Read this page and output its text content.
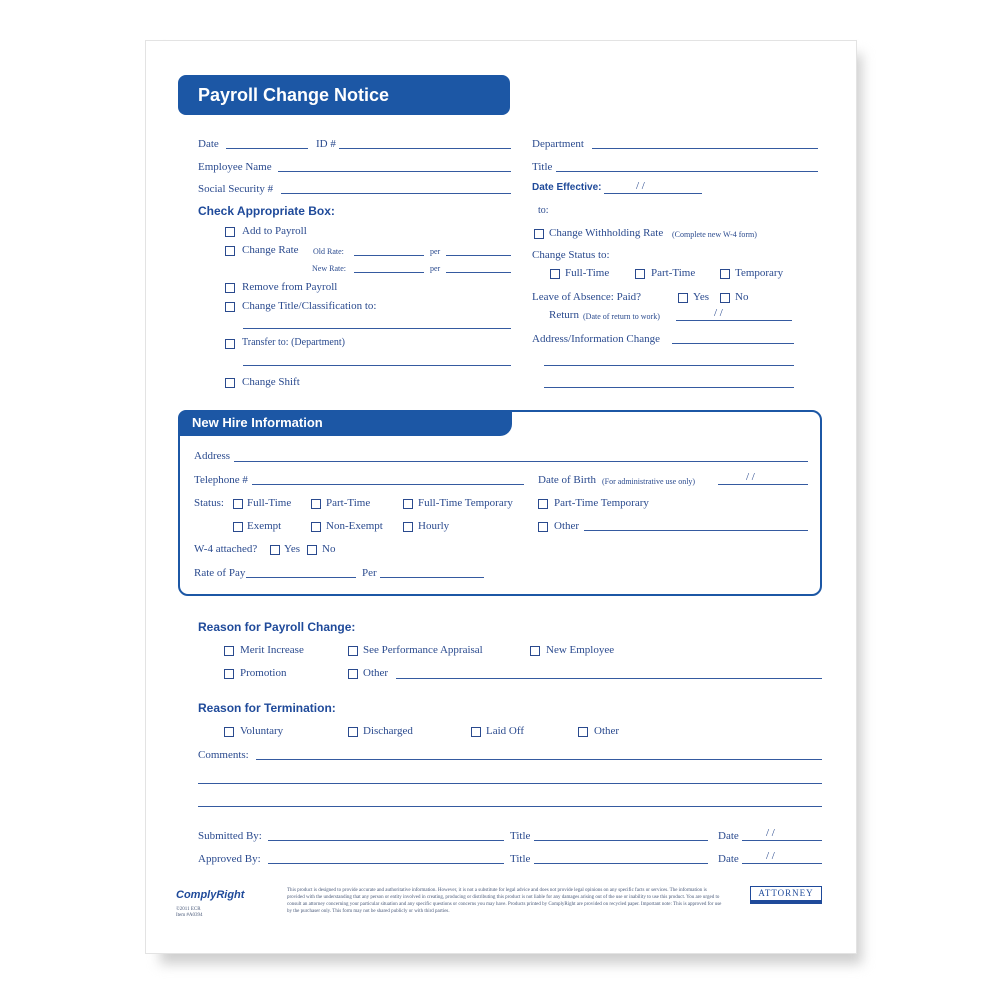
Payroll Change Notice
Date	ID #
Employee Name
Social Security #
Department
Title
Date Effective:	/ /
to:
Check Appropriate Box:
Add to Payroll
Change Rate Old Rate:	per
New Rate:	per
Remove from Payroll
Change Title/Classification to:
Transfer to: (Department)
Change Shift
Change Withholding Rate (Complete new W-4 form)
Change Status to:
Full-Time	Part-Time	Temporary
Leave of Absence: Paid?	Yes No
Return (Date of return to work)	/ /
Address/Information Change
New Hire Information
Address
Telephone #	Date of Birth (For administrative use only)	/ /
Status: Full-Time	Part-Time	Full-Time Temporary	Part-Time Temporary
Exempt	Non-Exempt	Hourly	Other
W-4 attached? Yes No
Rate of Pay	Per
Reason for Payroll Change:
Merit Increase	See Performance Appraisal	New Employee
Promotion	Other
Reason for Termination:
Voluntary	Discharged	Laid Off	Other
Comments:
Submitted By:	Title	Date / /
Approved By:	Title	Date / /
ComplyRight
©2011 ECR
Item #A0394
This product is designed to provide accurate and authoritative information. However, it is not a substitute for legal advice and does not provide legal opinions on any specific facts or services. The information is provided with the understanding that any person or entity involved in creating, producing or distributing this product is not liable for any damages arising out of the use or inability to use this product. You are urged to consult an attorney concerning your particular situation and any specific questions or concerns you may have. Products printed by ComplyRight are provided on recycled paper. Important note: This is approved for use by the purchaser only. This form may not be shared publicly or with third parties.
ATTORNEY
